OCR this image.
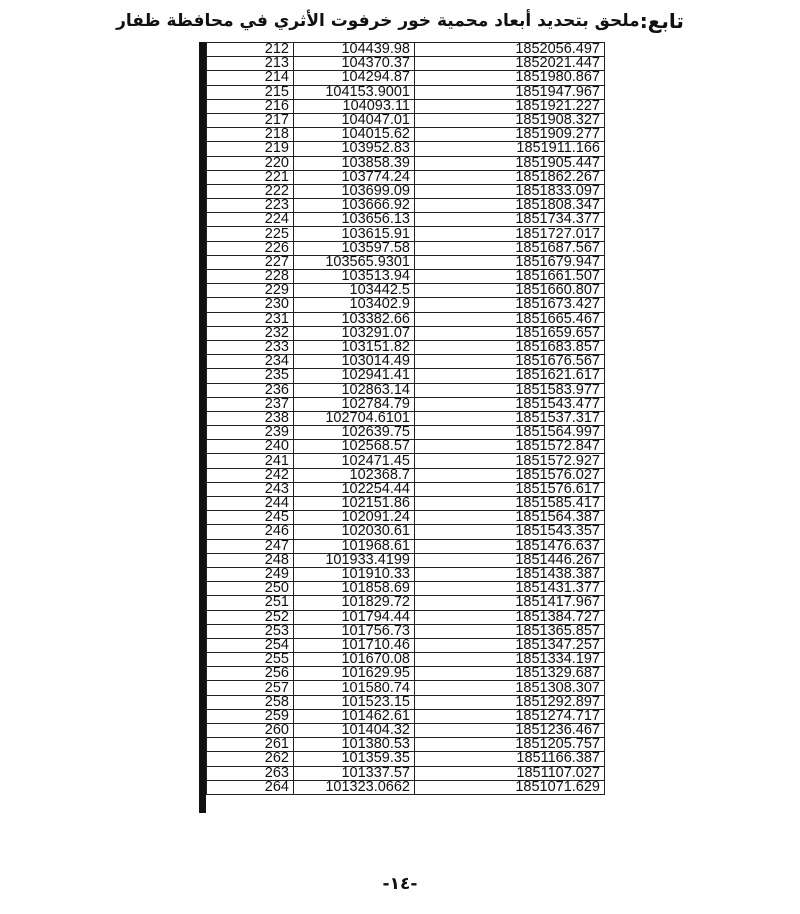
تابع:
ملحق بتحديد أبعاد محمية خور خرفوت الأثري في محافظة ظفار
212	104439.98	1852056.497
213	104370.37	1852021.447
214	104294.87	1851980.867
215	104153.9001	1851947.967
216	104093.11	1851921.227
217	104047.01	1851908.327
218	104015.62	1851909.277
219	103952.83	1851911.166
220	103858.39	1851905.447
221	103774.24	1851862.267
222	103699.09	1851833.097
223	103666.92	1851808.347
224	103656.13	1851734.377
225	103615.91	1851727.017
226	103597.58	1851687.567
227	103565.9301	1851679.947
228	103513.94	1851661.507
229	103442.5	1851660.807
230	103402.9	1851673.427
231	103382.66	1851665.467
232	103291.07	1851659.657
233	103151.82	1851683.857
234	103014.49	1851676.567
235	102941.41	1851621.617
236	102863.14	1851583.977
237	102784.79	1851543.477
238	102704.6101	1851537.317
239	102639.75	1851564.997
240	102568.57	1851572.847
241	102471.45	1851572.927
242	102368.7	1851576.027
243	102254.44	1851576.617
244	102151.86	1851585.417
245	102091.24	1851564.387
246	102030.61	1851543.357
247	101968.61	1851476.637
248	101933.4199	1851446.267
249	101910.33	1851438.387
250	101858.69	1851431.377
251	101829.72	1851417.967
252	101794.44	1851384.727
253	101756.73	1851365.857
254	101710.46	1851347.257
255	101670.08	1851334.197
256	101629.95	1851329.687
257	101580.74	1851308.307
258	101523.15	1851292.897
259	101462.61	1851274.717
260	101404.32	1851236.467
261	101380.53	1851205.757
262	101359.35	1851166.387
263	101337.57	1851107.027
264	101323.0662	1851071.629
-١٤-
